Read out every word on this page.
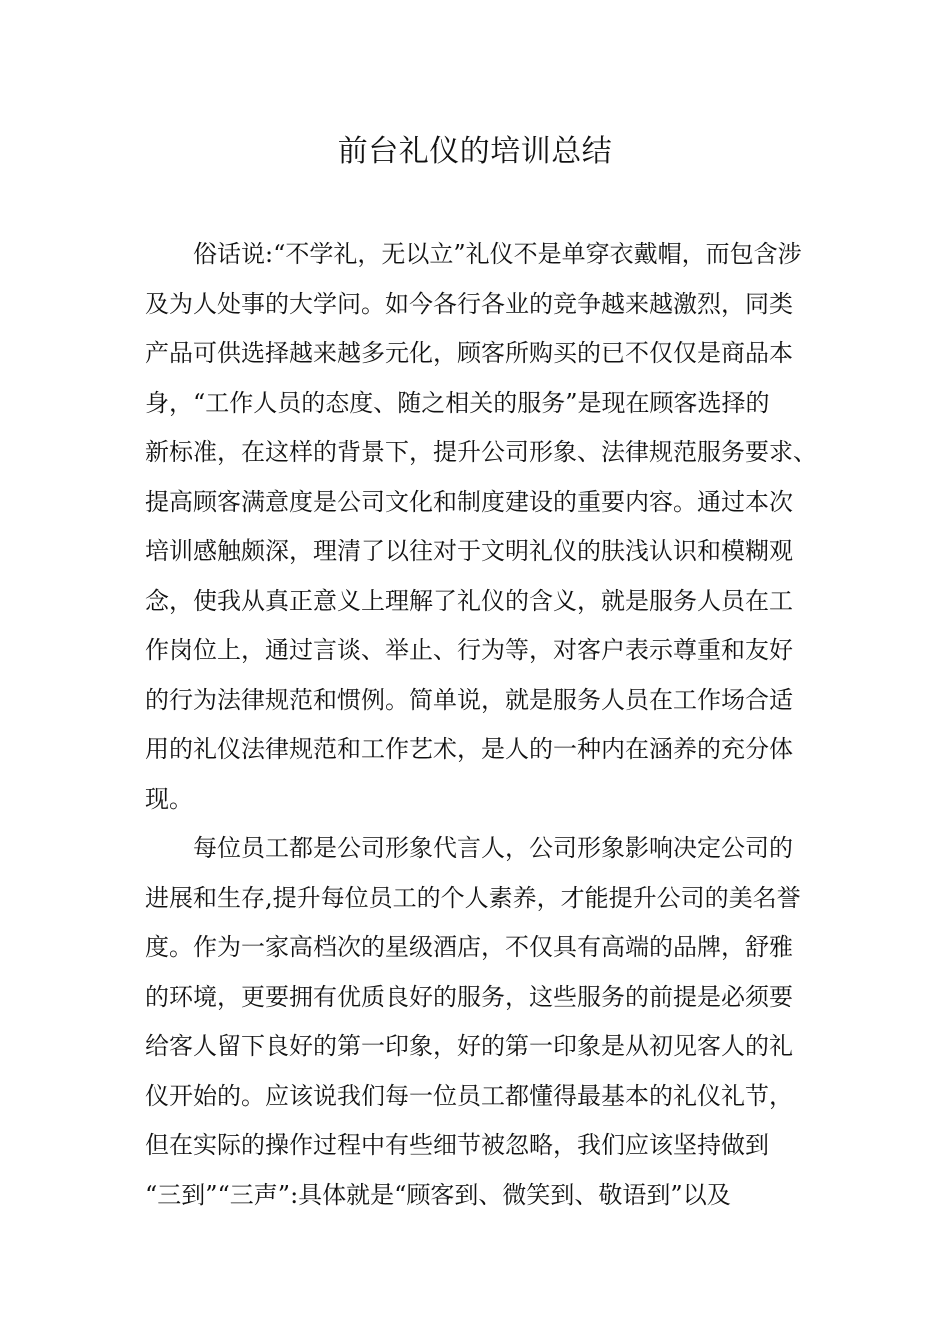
前台礼仪的培训总结

俗话说:“不学礼，无以立”礼仪不是单穿衣戴帽，而包含涉

及为人处事的大学问。如今各行各业的竞争越来越激烈，同类

产品可供选择越来越多元化，顾客所购买的已不仅仅是商品本

身，“工作人员的态度、随之相关的服务”是现在顾客选择的

新标准，在这样的背景下，提升公司形象、法律规范服务要求、

提高顾客满意度是公司文化和制度建设的重要内容。通过本次

培训感触颇深，理清了以往对于文明礼仪的肤浅认识和模糊观

念，使我从真正意义上理解了礼仪的含义，就是服务人员在工

作岗位上，通过言谈、举止、行为等，对客户表示尊重和友好

的行为法律规范和惯例。简单说，就是服务人员在工作场合适

用的礼仪法律规范和工作艺术，是人的一种内在涵养的充分体

现。

每位员工都是公司形象代言人，公司形象影响决定公司的

进展和生存,提升每位员工的个人素养，才能提升公司的美名誉

度。作为一家高档次的星级酒店，不仅具有高端的品牌，舒雅

的环境，更要拥有优质良好的服务，这些服务的前提是必须要

给客人留下良好的第一印象，好的第一印象是从初见客人的礼

仪开始的。应该说我们每一位员工都懂得最基本的礼仪礼节，

但在实际的操作过程中有些细节被忽略，我们应该坚持做到

“三到”“三声”:具体就是“顾客到、微笑到、敬语到”以及
